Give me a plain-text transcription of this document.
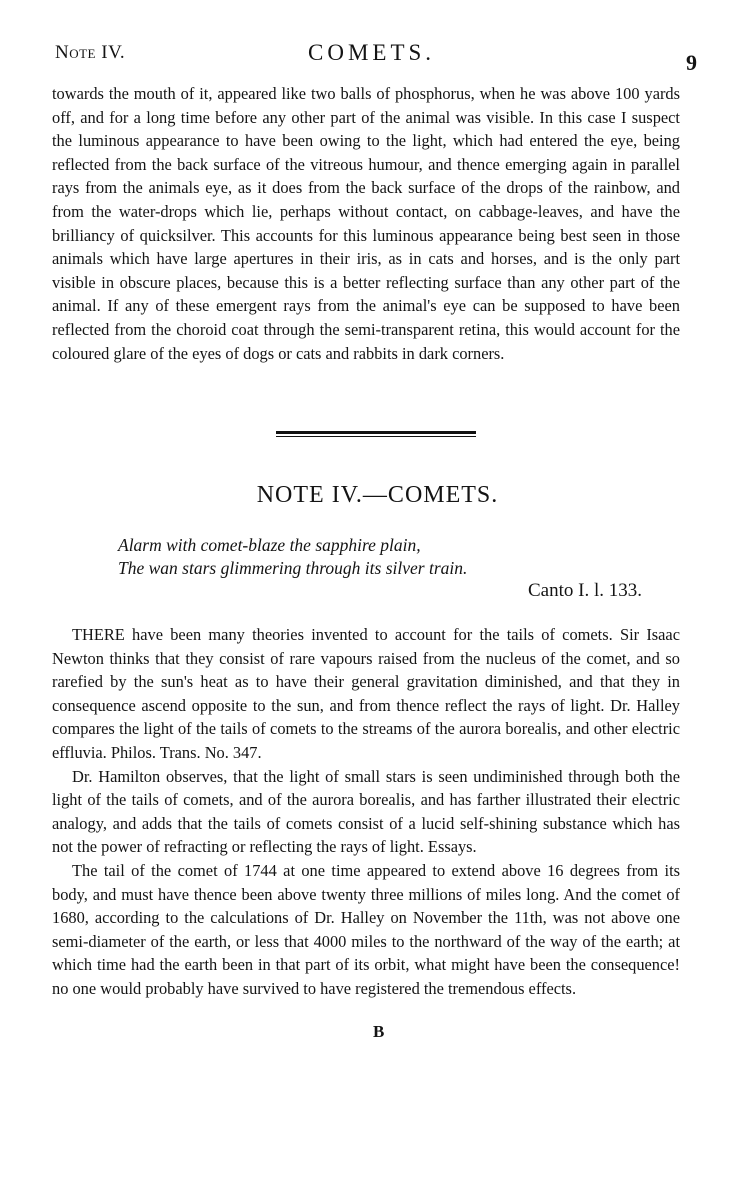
Note IV.	COMETS.	9

towards the mouth of it, appeared like two balls of phosphorus, when he was above 100 yards off, and for a long time before any other part of the animal was visible. In this case I suspect the luminous appearance to have been owing to the light, which had entered the eye, being reflected from the back surface of the vitreous humour, and thence emerging again in parallel rays from the animals eye, as it does from the back surface of the drops of the rainbow, and from the water-drops which lie, perhaps without contact, on cabbage-leaves, and have the brilliancy of quicksilver. This accounts for this luminous appearance being best seen in those animals which have large apertures in their iris, as in cats and horses, and is the only part visible in obscure places, because this is a better reflecting surface than any other part of the animal. If any of these emergent rays from the animal's eye can be supposed to have been reflected from the choroid coat through the semi-transparent retina, this would account for the coloured glare of the eyes of dogs or cats and rabbits in dark corners.

NOTE IV.—COMETS.
Alarm with comet-blaze the sapphire plain,
The wan stars glimmering through its silver train.
Canto I. l. 133.

THERE have been many theories invented to account for the tails of comets. Sir Isaac Newton thinks that they consist of rare vapours raised from the nucleus of the comet, and so rarefied by the sun's heat as to have their general gravitation diminished, and that they in consequence ascend opposite to the sun, and from thence reflect the rays of light. Dr. Halley compares the light of the tails of comets to the streams of the aurora borealis, and other electric effluvia. Philos. Trans. No. 347.

Dr. Hamilton observes, that the light of small stars is seen undiminished through both the light of the tails of comets, and of the aurora borealis, and has farther illustrated their electric analogy, and adds that the tails of comets consist of a lucid self-shining substance which has not the power of refracting or reflecting the rays of light. Essays.

The tail of the comet of 1744 at one time appeared to extend above 16 degrees from its body, and must have thence been above twenty three millions of miles long. And the comet of 1680, according to the calculations of Dr. Halley on November the 11th, was not above one semi-diameter of the earth, or less that 4000 miles to the northward of the way of the earth; at which time had the earth been in that part of its orbit, what might have been the consequence! no one would probably have survived to have registered the tremendous effects.

B
